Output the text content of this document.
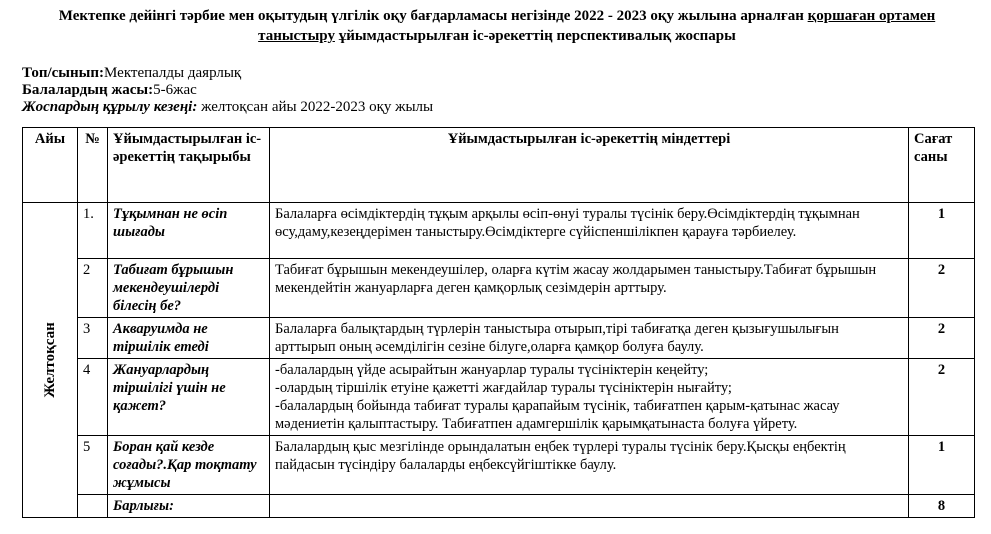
Мектепке дейінгі тәрбие мен оқытудың үлгілік оқу бағдарламасы негізінде 2022 - 2023 оқу жылына арналған қоршаған ортамен таныстыру ұйымдастырылған іс-әрекеттің перспективалық жоспары
Топ/сынып:Мектепалды даярлық
Балалардың жасы:5-6жас
Жоспардың құрылу кезеңі: желтоқсан айы 2022-2023 оқу жылы
Айы	№	Ұйымдастырылған іс-әрекеттің тақырыбы	Ұйымдастырылған іс-әрекеттің міндеттері	Сағат саны

Желтоқсан	1.	Тұқымнан не өсіп шығады	Балаларға өсімдіктердің тұқым арқылы өсіп-өнуі туралы түсінік беру.Өсімдіктердің тұқымнан
өсу,даму,кезеңдерімен таныстыру.Өсімдіктерге сүйіспеншілікпен қарауға тәрбиелеу.	1
	2	Табиғат бұрышын мекендеушілерді білесің бе?	Табиғат бұрышын мекендеушілер, оларға күтім жасау жолдарымен таныстыру.Табиғат бұрышын мекендейтін жануарларға деген қамқорлық сезімдерін арттыру.	2
	3	Акваруимда не тіршілік етеді	Балаларға балықтардың түрлерін таныстыра отырып,тірі табиғатқа деген қызығушылығын арттырып оның әсемділігін сезіне білуге,оларға қамқор болуға баулу.	2
	4	Жануарлардың тіршілігі үшін не қажет?	-балалардың үйде асырайтын жануарлар туралы түсініктерін кеңейту;
-олардың тіршілік етуіне қажетті жағдайлар туралы түсініктерін нығайту;
-балалардың бойында табиғат туралы қарапайым түсінік, табиғатпен қарым-қатынас жасау мәдениетін қалыптастыру. Табиғатпен адамгершілік қарымқатынаста болуға үйрету.	2
	5	Боран қай кезде соғады?.Қар тоқтату жұмысы	Балалардың қыс мезгілінде орындалатын еңбек түрлері туралы түсінік беру.Қысқы еңбектің пайдасын түсіндіру балаларды еңбексүйгіштікке баулу.	1
		Барлығы:		8
